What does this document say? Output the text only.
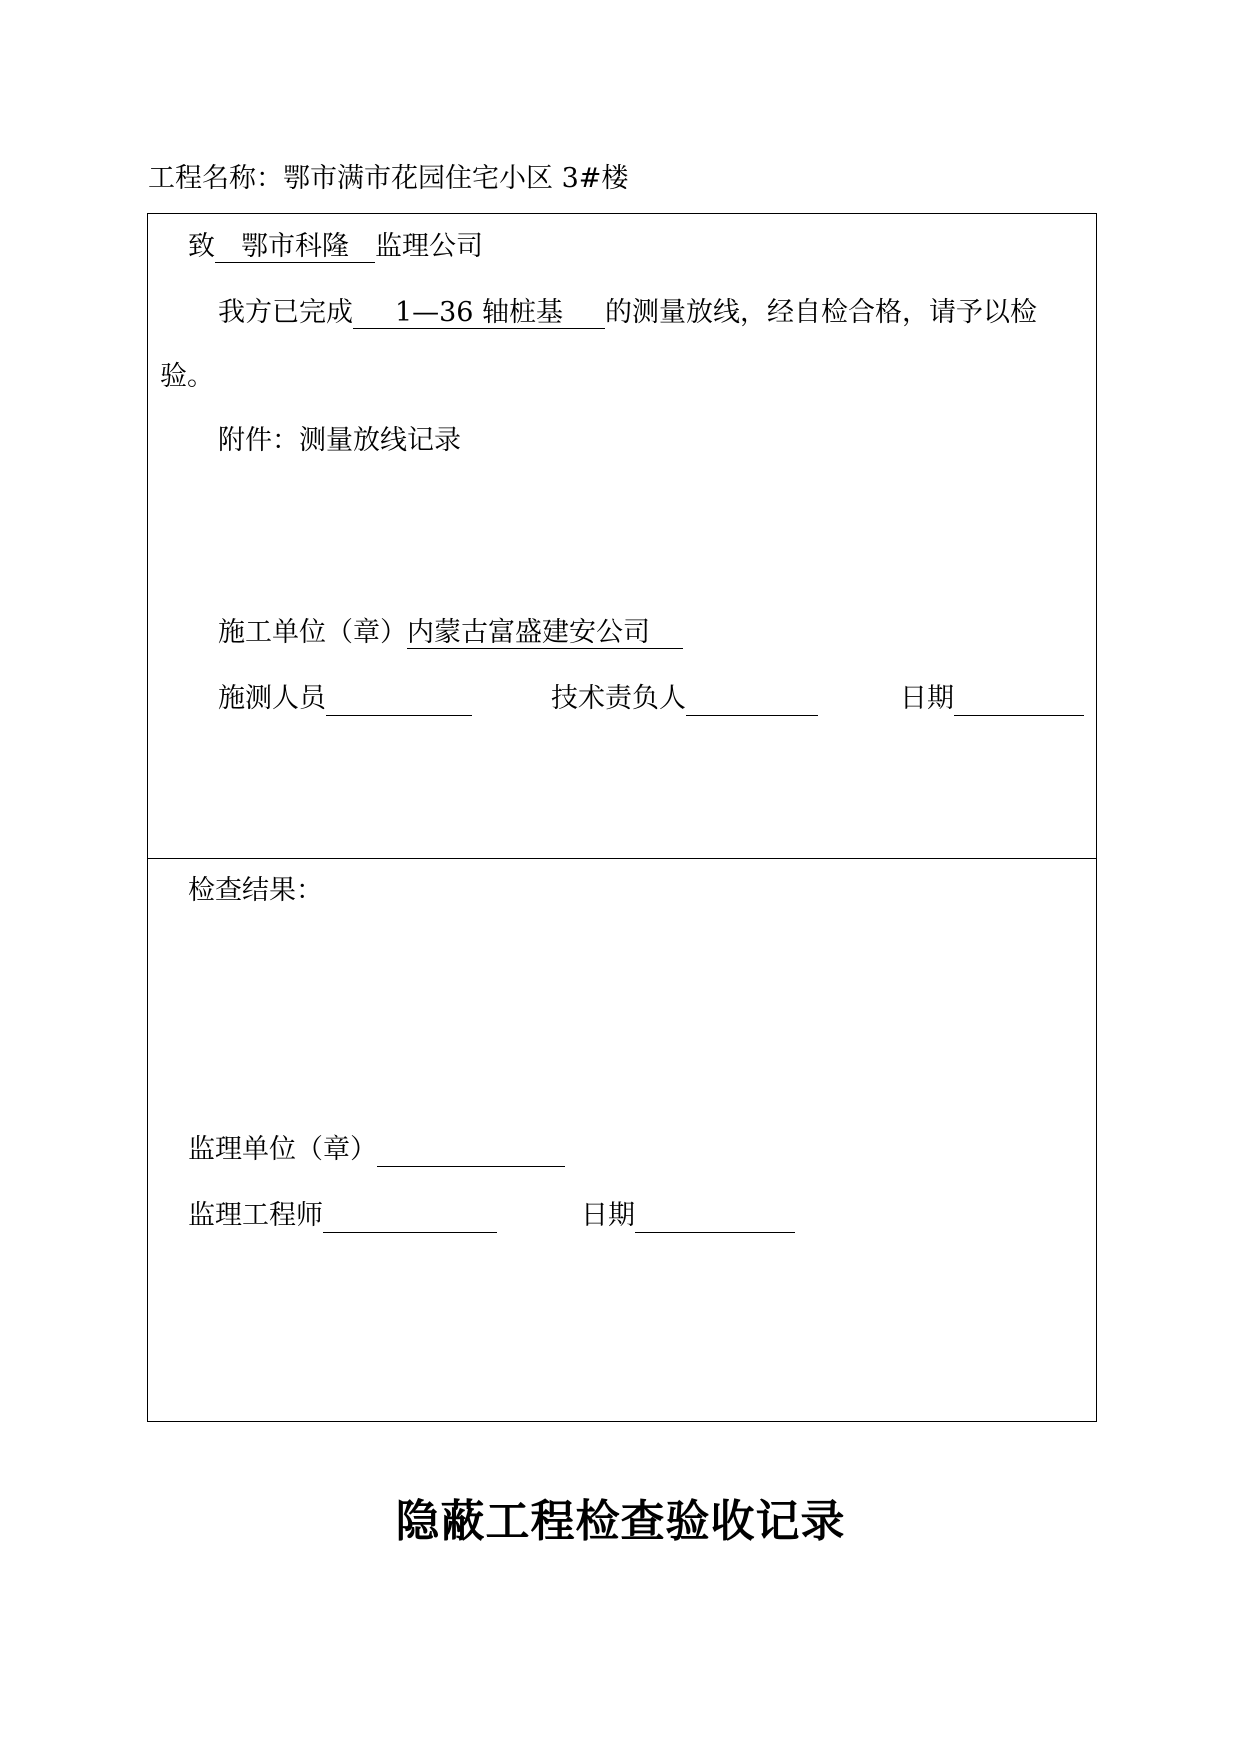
工程名称：鄂市满市花园住宅小区 3#楼
致 鄂市科隆 监理公司
我方已完成 1—36 轴桩基 的测量放线，经自检合格，请予以检
验。
附件：测量放线记录
施工单位（章）内蒙古富盛建安公司
施测人员	技术责负人	日期
检查结果：
监理单位（章）
监理工程师	日期
隐蔽工程检查验收记录
